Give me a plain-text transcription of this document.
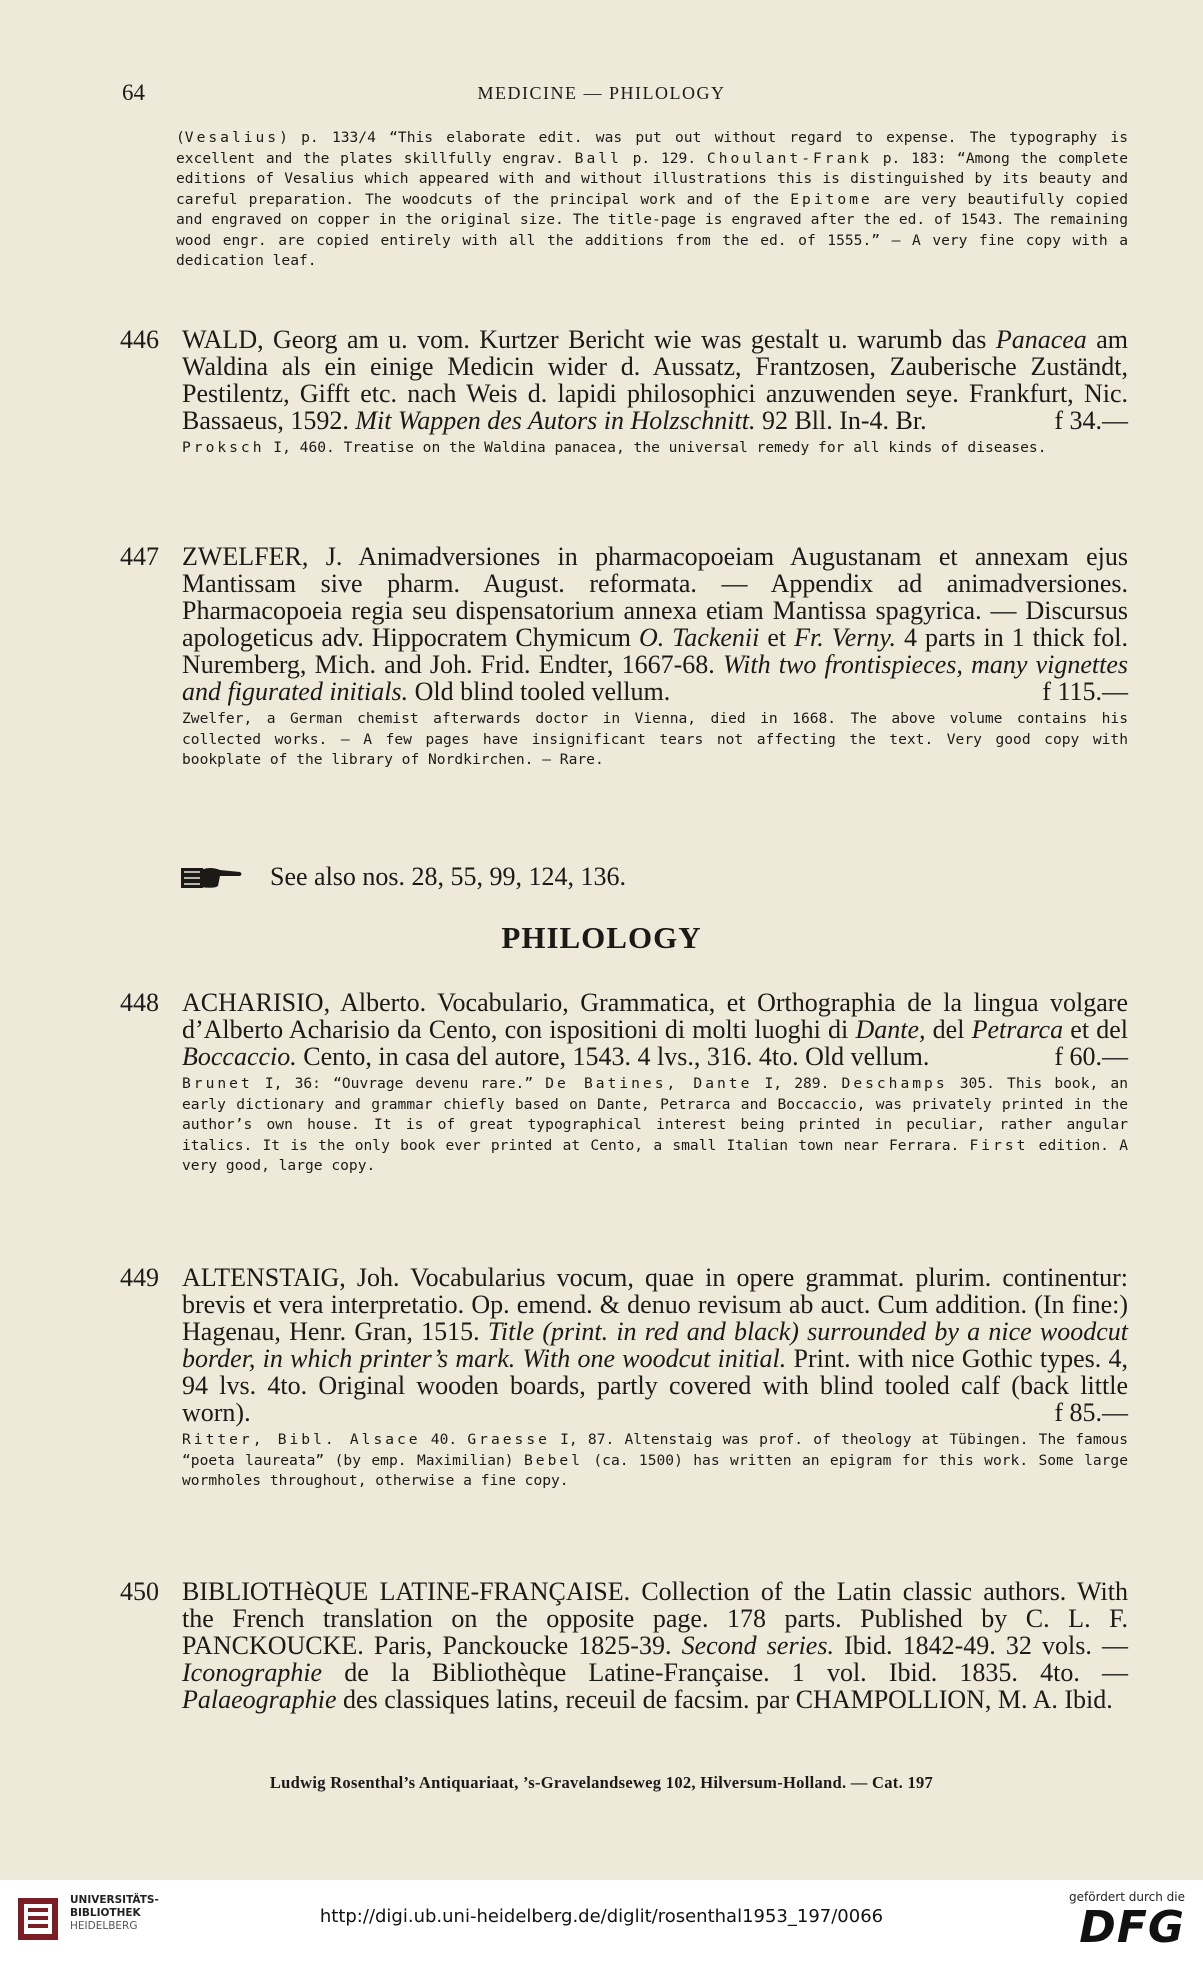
64	MEDICINE — PHILOLOGY

(Vesalius) p. 133/4 “This elaborate edit. was put out without regard to expense. The typography is excellent and the plates skillfully engrav. Ball p. 129. Choulant-Frank p. 183: “Among the complete editions of Vesalius which appeared with and without illustrations this is distinguished by its beauty and careful preparation. The woodcuts of the principal work and of the Epitome are very beautifully copied and engraved on copper in the original size. The title-page is engraved after the ed. of 1543. The remaining wood engr. are copied entirely with all the additions from the ed. of 1555.” — A very fine copy with a dedication leaf.

446 WALD, Georg am u. vom. Kurtzer Bericht wie was gestalt u. warumb das Panacea am Waldina als ein einige Medicin wider d. Aussatz, Frantzosen, Zauberische Zuständt, Pestilentz, Gifft etc. nach Weis d. lapidi philosophici anzuwenden seye. Frankfurt, Nic. Bassaeus, 1592. Mit Wappen des Autors in Holzschnitt. 92 Bll. In-4. Br.	f 34.—

Proksch I, 460. Treatise on the Waldina panacea, the universal remedy for all kinds of diseases.

447 ZWELFER, J. Animadversiones in pharmacopoeiam Augustanam et annexam ejus Mantissam sive pharm. August. reformata. — Appendix ad animadversiones. Pharmacopoeia regia seu dispensatorium annexa etiam Mantissa spagyrica. — Discursus apologeticus adv. Hippocratem Chymicum O. Tackenii et Fr. Verny. 4 parts in 1 thick fol. Nuremberg, Mich. and Joh. Frid. Endter, 1667-68. With two frontispieces, many vignettes and figurated initials. Old blind tooled vellum.	f 115.—

Zwelfer, a German chemist afterwards doctor in Vienna, died in 1668. The above volume contains his collected works. — A few pages have insignificant tears not affecting the text. Very good copy with bookplate of the library of Nordkirchen. — Rare.

See also nos. 28, 55, 99, 124, 136.
PHILOLOGY
448 ACHARISIO, Alberto. Vocabulario, Grammatica, et Orthographia de la lingua volgare d’Alberto Acharisio da Cento, con ispositioni di molti luoghi di Dante, del Petrarca et del Boccaccio. Cento, in casa del autore, 1543. 4 lvs., 316. 4to. Old vellum.	f 60.—

Brunet I, 36: “Ouvrage devenu rare.” De Batines, Dante I, 289. Deschamps 305. This book, an early dictionary and grammar chiefly based on Dante, Petrarca and Boccaccio, was privately printed in the author’s own house. It is of great typographical interest being printed in peculiar, rather angular italics. It is the only book ever printed at Cento, a small Italian town near Ferrara. First edition. A very good, large copy.

449 ALTENSTAIG, Joh. Vocabularius vocum, quae in opere grammat. plurim. continentur: brevis et vera interpretatio. Op. emend. & denuo revisum ab auct. Cum addition. (In fine:) Hagenau, Henr. Gran, 1515. Title (print. in red and black) surrounded by a nice woodcut border, in which printer’s mark. With one woodcut initial. Print. with nice Gothic types. 4, 94 lvs. 4to. Original wooden boards, partly covered with blind tooled calf (back little worn).	f 85.—

Ritter, Bibl. Alsace 40. Graesse I, 87. Altenstaig was prof. of theology at Tübingen. The famous “poeta laureata” (by emp. Maximilian) Bebel (ca. 1500) has written an epigram for this work. Some large wormholes throughout, otherwise a fine copy.

450 BIBLIOTHèQUE LATINE-FRANÇAISE. Collection of the Latin classic authors. With the French translation on the opposite page. 178 parts. Published by C. L. F. PANCKOUCKE. Paris, Panckoucke 1825-39. Second series. Ibid. 1842-49. 32 vols. — Iconographie de la Bibliothèque Latine-Française. 1 vol. Ibid. 1835. 4to. — Palaeographie des classiques latins, receuil de facsim. par CHAMPOLLION, M. A. Ibid.
Ludwig Rosenthal’s Antiquariaat, ’s-Gravelandseweg 102, Hilversum-Holland. — Cat. 197
UNIVERSITÄTS-
BIBLIOTHEK
HEIDELBERG	http://digi.ub.uni-heidelberg.de/diglit/rosenthal1953_197/0066
gefördert durch die
DFG
